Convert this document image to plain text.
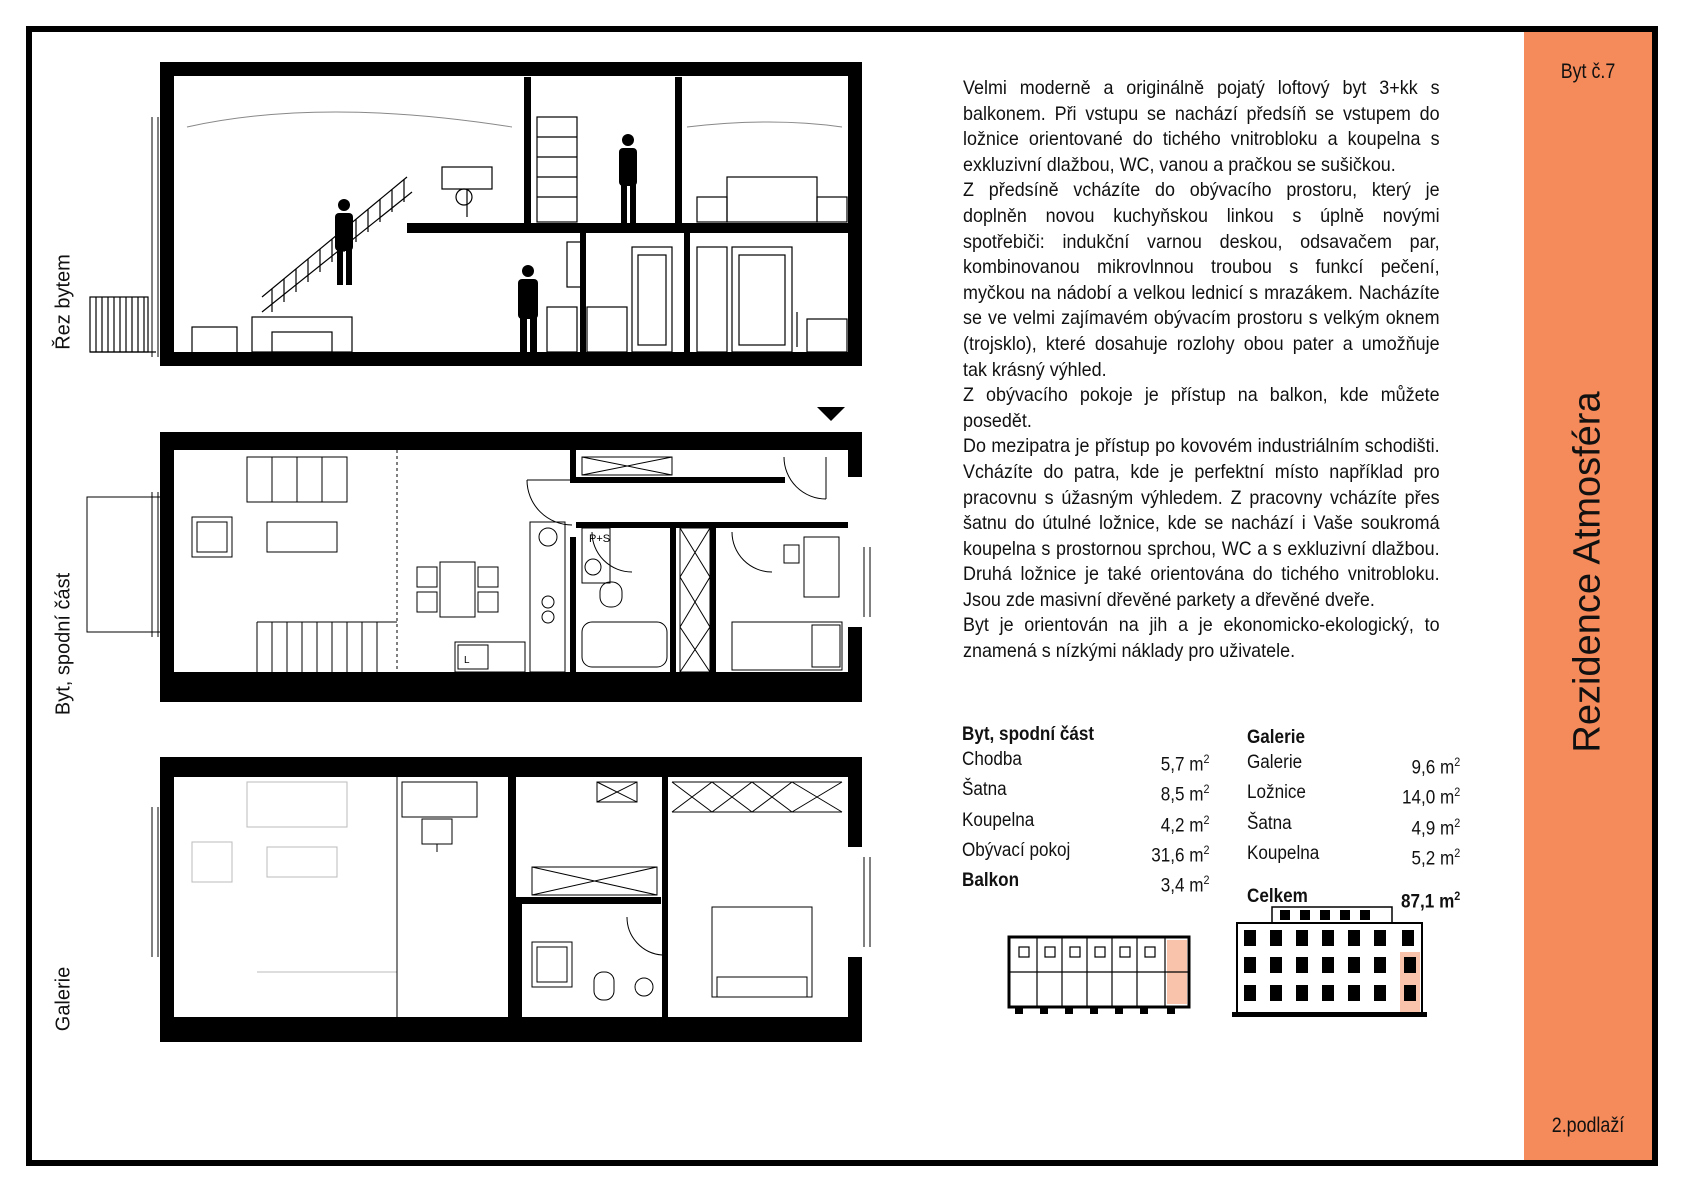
Byt č.7
Rezidence Atmosféra
2.podlaží
Řez bytem
Byt, spodní část
Galerie
P+S
L

Velmi moderně a originálně pojatý loftový byt 3+kk s balkonem. Při vstupu se nachází předsíň se vstupem do ložnice orientované do tichého vnitrobloku a koupelna s exkluzivní dlažbou, WC, vanou a pračkou se sušičkou.

Z předsíně vcházíte do obývacího prostoru, který je doplněn novou kuchyňskou linkou s úplně novými spotřebiči: indukční varnou deskou, odsavačem par, kombinovanou mikrovlnnou troubou s funkcí pečení, myčkou na nádobí a velkou lednicí s mrazákem. Nacházíte se ve velmi zajímavém obývacím prostoru s velkým oknem (trojsklo), které dosahuje rozlohy obou pater a umožňuje tak krásný výhled.

Z obývacího pokoje je přístup na balkon, kde můžete posedět.

Do mezipatra je přístup po kovovém industriálním schodišti. Vcházíte do patra, kde je perfektní místo například pro pracovnu s úžasným výhledem. Z pracovny vcházíte přes šatnu do útulné ložnice, kde se nachází i Vaše soukromá koupelna s prostornou sprchou, WC a s exkluzivní dlažbou. Druhá ložnice je také orientována do tichého vnitrobloku. Jsou zde masivní dřevěné parkety a dřevěné dveře.

Byt je orientován na jih a je ekonomicko-ekologický, to znamená s nízkými náklady pro uživatele.

Byt, spodní část
Chodba	5,7 $m^2$
Šatna	8,5 $m^2$
Koupelna	4,2 $m^2$
Obývací pokoj	31,6 $m^2$
Balkon	3,4 $m^2$
Galerie
Galerie	9,6 $m^2$
Ložnice	14,0 $m^2$
Šatna	4,9 $m^2$
Koupelna	5,2 $m^2$
Celkem	87,1 $m^2$
